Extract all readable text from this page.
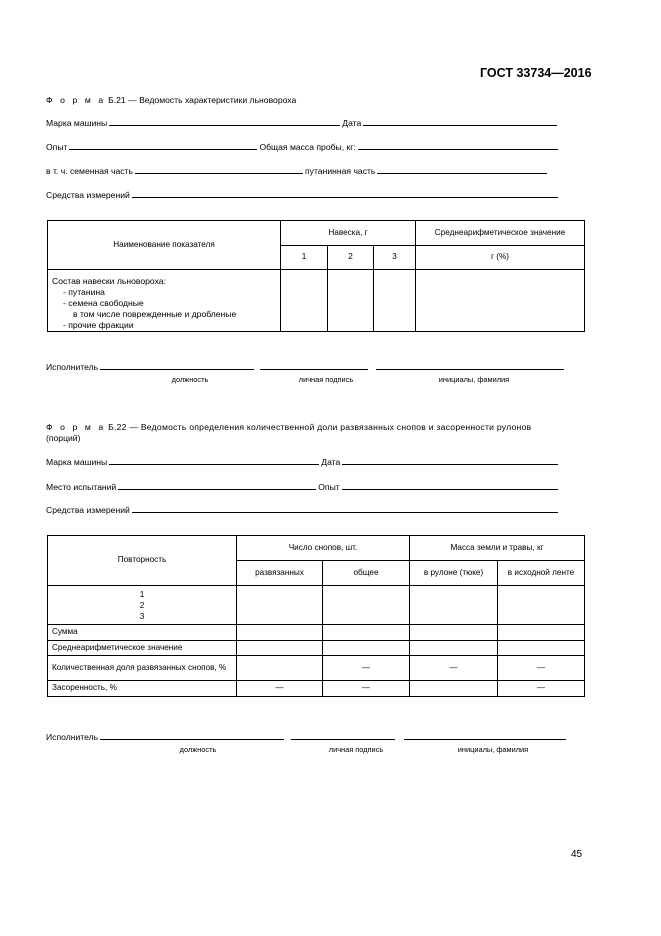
ГОСТ 33734—2016
Ф о р м а Б.21 — Ведомость характеристики льновороха
Марка машины	Дата
Опыт	Общая масса пробы, кг:
в т. ч. семенная часть	путанинная часть
Средства измерений
Наименование показателя	Навеска, г			Среднеарифметическое значение
	1	2	3	г (%)

Состав навески льновороха:
- путанина
- семена свободные
в том числе поврежденные и дробленые
- прочие фракции				

Исполнитель
должность	личная подпись	инициалы, фамилия
Ф о р м а Б.22 — Ведомость определения количественной доли развязанных снопов и засоренности рулонов
(порций)
Марка машины	Дата
Место испытаний	Опыт
Средства измерений
Повторность	Число снопов, шт.		Масса земли и травы, кг	
	развязанных	общее	в рулоне (тюке)	в исходной ленте

1
2
3				

Сумма				
Среднеарифметическое значение				
Количественная доля развязанных снопов, %		—	—	—
Засоренность, %	—	—		—
Исполнитель
должность	личная подпись	инициалы, фамилия
45
